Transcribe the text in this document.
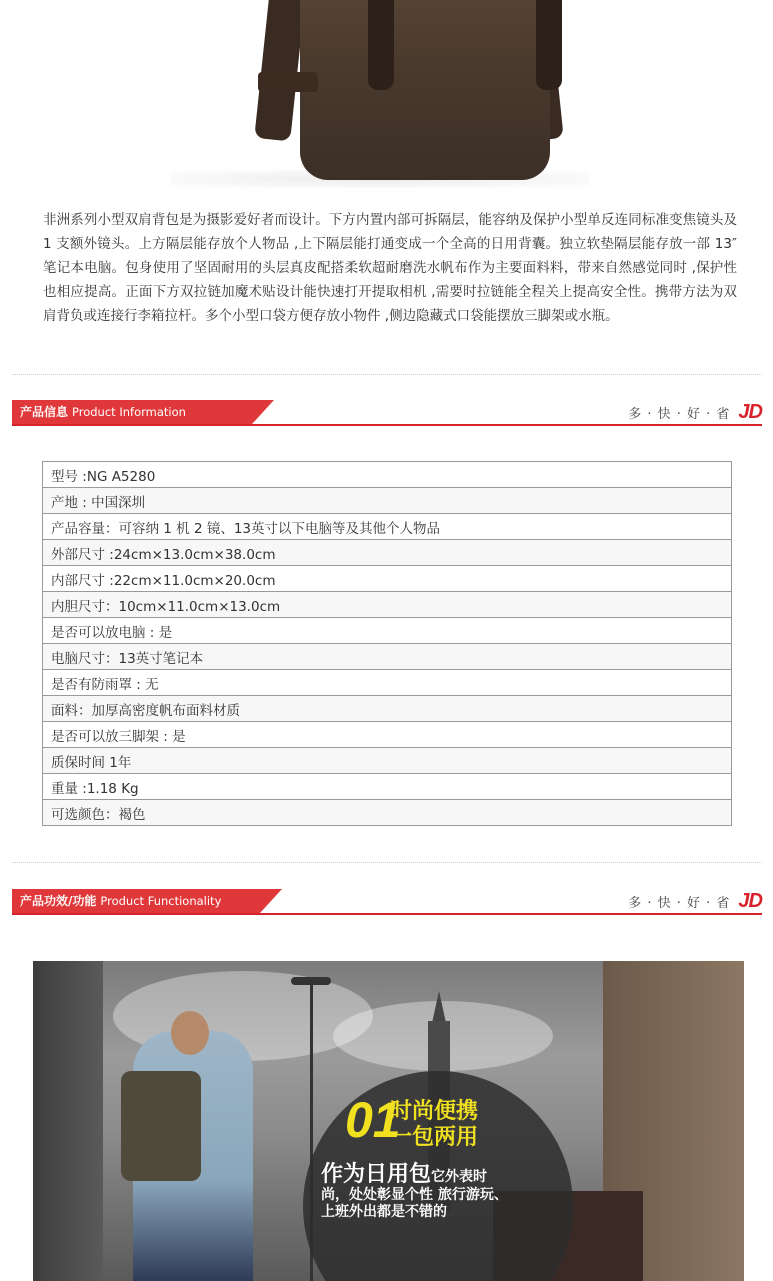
非洲系列小型双肩背包是为摄影爱好者而设计。下方内置内部可拆隔层，能容纳及保护小型单反连同标准变焦镜头及 1 支额外镜头。上方隔层能存放个人物品 ,上下隔层能打通变成一个全高的日用背囊。独立软垫隔层能存放一部 13″ 笔记本电脑。包身使用了坚固耐用的头层真皮配搭柔软超耐磨洗水帆布作为主要面料料，带来自然感觉同时 ,保护性也相应提高。正面下方双拉链加魔术贴设计能快速打开提取相机 ,需要时拉链能全程关上提高安全性。携带方法为双肩背负或连接行李箱拉杆。多个小型口袋方便存放小物件 ,侧边隐藏式口袋能摆放三脚架或水瓶。

产品信息 Product Information	多 · 快 · 好 · 省 JD
型号 :NG A5280
产地 : 中国深圳
产品容量：可容纳 1 机 2 镜、13英寸以下电脑等及其他个人物品
外部尺寸 :24cm×13.0cm×38.0cm
内部尺寸 :22cm×11.0cm×20.0cm
内胆尺寸：10cm×11.0cm×13.0cm
是否可以放电脑 : 是
电脑尺寸：13英寸笔记本
是否有防雨罩 : 无
面料：加厚高密度帆布面料材质
是否可以放三脚架 : 是
质保时间 1年
重量 :1.18 Kg
可选颜色：褐色
产品功效/功能 Product Functionality	多 · 快 · 好 · 省 JD
01
时尚便携
一包两用
作为日用包它外表时
尚，处处彰显个性 旅行游玩、上班外出都是不错的
